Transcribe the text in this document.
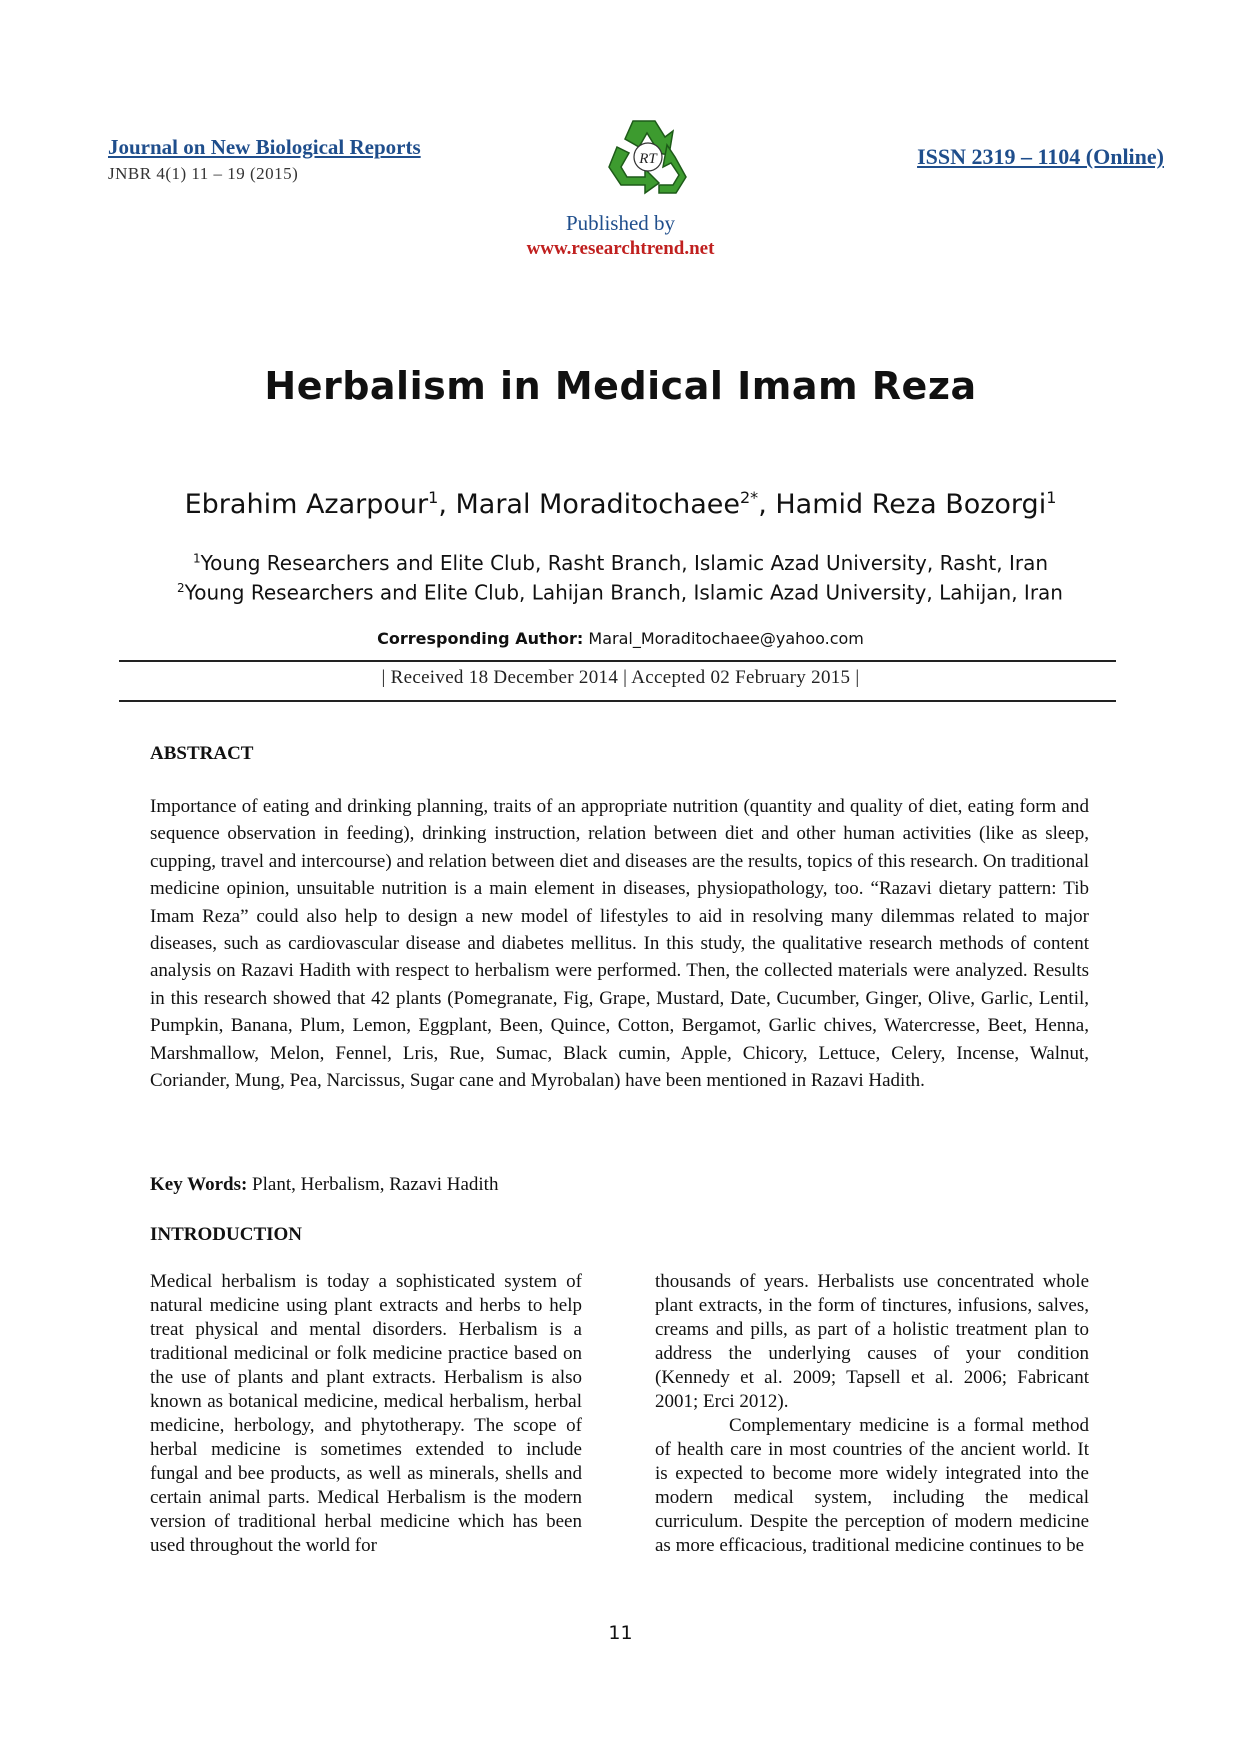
Journal on New Biological Reports
JNBR 4(1) 11 – 19 (2015)
RT	ISSN 2319 – 1104 (Online)
Published by
www.researchtrend.net
Herbalism in Medical Imam Reza
Ebrahim Azarpour$^1$, Maral Moraditochaee$^{2*}$, Hamid Reza Bozorgi$^1$
$^1$Young Researchers and Elite Club, Rasht Branch, Islamic Azad University, Rasht, Iran
$^2$Young Researchers and Elite Club, Lahijan Branch, Islamic Azad University, Lahijan, Iran
Corresponding Author: Maral_Moraditochaee@yahoo.com
| Received 18 December 2014 | Accepted 02 February 2015 |
ABSTRACT
Importance of eating and drinking planning, traits of an appropriate nutrition (quantity and quality of diet, eating form and sequence observation in feeding), drinking instruction, relation between diet and other human activities (like as sleep, cupping, travel and intercourse) and relation between diet and diseases are the results, topics of this research. On traditional medicine opinion, unsuitable nutrition is a main element in diseases, physiopathology, too. “Razavi dietary pattern: Tib Imam Reza” could also help to design a new model of lifestyles to aid in resolving many dilemmas related to major diseases, such as cardiovascular disease and diabetes mellitus. In this study, the qualitative research methods of content analysis on Razavi Hadith with respect to herbalism were performed. Then, the collected materials were analyzed. Results in this research showed that 42 plants (Pomegranate, Fig, Grape, Mustard, Date, Cucumber, Ginger, Olive, Garlic, Lentil, Pumpkin, Banana, Plum, Lemon, Eggplant, Been, Quince, Cotton, Bergamot, Garlic chives, Watercresse, Beet, Henna, Marshmallow, Melon, Fennel, Lris, Rue, Sumac, Black cumin, Apple, Chicory, Lettuce, Celery, Incense, Walnut, Coriander, Mung, Pea, Narcissus, Sugar cane and Myrobalan) have been mentioned in Razavi Hadith.
Key Words: Plant, Herbalism, Razavi Hadith
INTRODUCTION
Medical herbalism is today a sophisticated system of natural medicine using plant extracts and herbs to help treat physical and mental disorders. Herbalism is a traditional medicinal or folk medicine practice based on the use of plants and plant extracts. Herbalism is also known as botanical medicine, medical herbalism, herbal medicine, herbology, and phytotherapy. The scope of herbal medicine is sometimes extended to include fungal and bee products, as well as minerals, shells and certain animal parts. Medical Herbalism is the modern version of traditional herbal medicine which has been used throughout the world for

thousands of years. Herbalists use concentrated whole plant extracts, in the form of tinctures, infusions, salves, creams and pills, as part of a holistic treatment plan to address the underlying causes of your condition (Kennedy et al. 2009; Tapsell et al. 2006; Fabricant 2001; Erci 2012).

Complementary medicine is a formal method of health care in most countries of the ancient world. It is expected to become more widely integrated into the modern medical system, including the medical curriculum. Despite the perception of modern medicine as more efficacious, traditional medicine continues to be

11
